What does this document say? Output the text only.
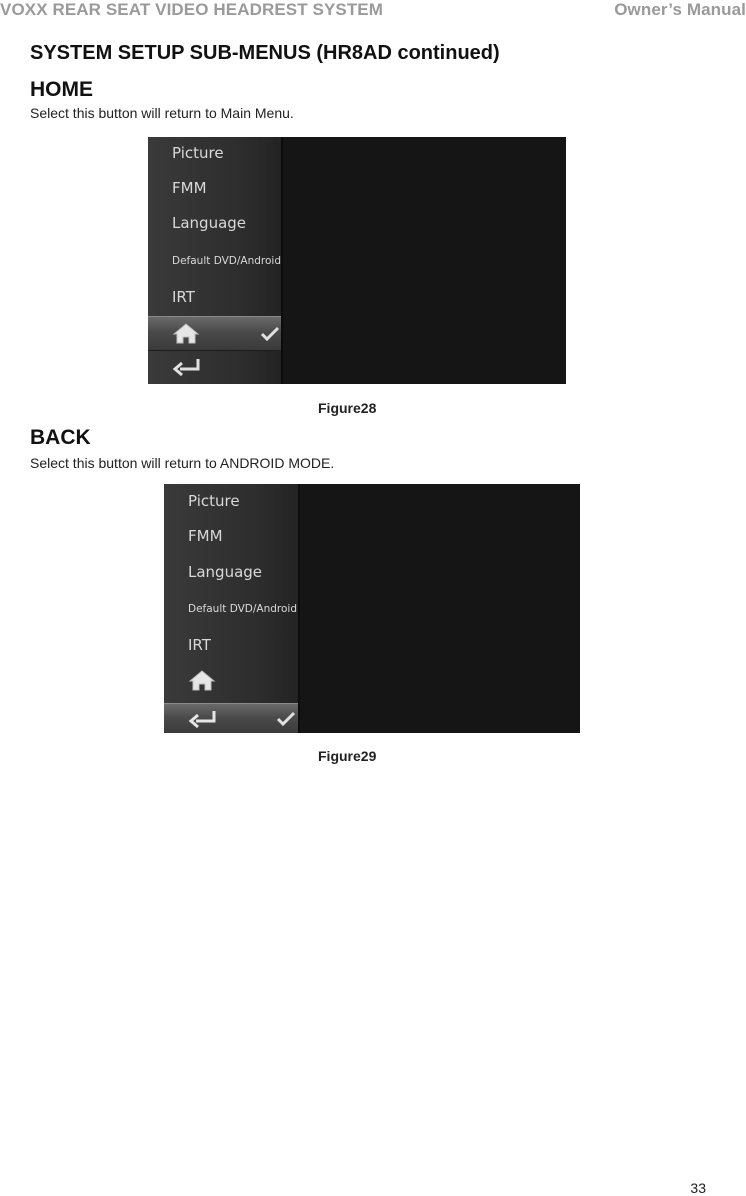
VOXX REAR SEAT VIDEO HEADREST SYSTEM	Owner’s Manual
SYSTEM SETUP SUB-MENUS (HR8AD continued)
HOME
Select this button will return to Main Menu.
Picture
FMM
Language
Default DVD/Android
IRT
Figure28
BACK
Select this button will return to ANDROID MODE.
Picture
FMM
Language
Default DVD/Android
IRT
Figure29
33
